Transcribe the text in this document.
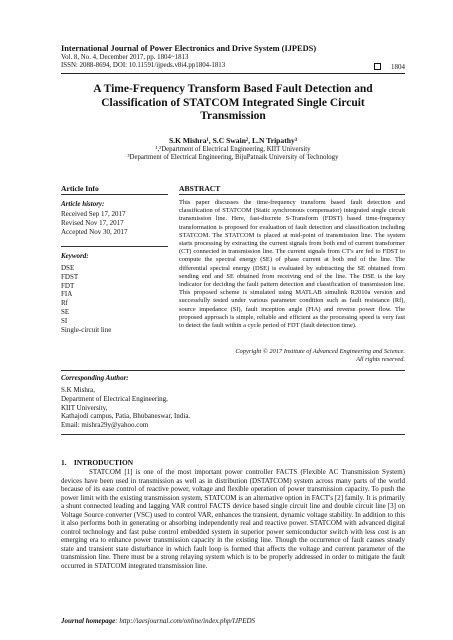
International Journal of Power Electronics and Drive System (IJPEDS)
Vol. 8, No. 4, December 2017, pp. 1804~1813
ISSN: 2088-8694, DOI: 10.11591/ijpeds.v8i4.pp1804-1813	1804
A Time-Frequency Transform Based Fault Detection and
Classification of STATCOM Integrated Single Circuit
Transmission
S.K Mishra¹, S.C Swain², L.N Tripathy³
¹,²Department of Electrical Engineering, KIIT University
³Department of Electrical Engineering, BijuPatnaik University of Technology
Article Info
Article history:
Received Sep 17, 2017
Revised Nov 17, 2017
Accepted Nov 30, 2017
Keyword:
DSE
FDST
FDT
FIA
Rf
SE
SI
Single-circuit line
ABSTRACT
This paper discusses the time-frequency transform based fault detection and classification of STATCOM (Static synchronous compensator) integrated single circuit transmission line. Here, fast-discrete S-Transform (FDST) based time-frequency transformation is proposed for evaluation of fault detection and classification including STATCOM. The STATCOM is placed at mid-point of transmission line. The system starts processing by extracting the current signals from both end of current transformer (CT) connected in transmission line. The current signals from CT's are fed to FDST to compute the spectral energy (SE) of phase current at both end of the line. The differential spectral energy (DSE) is evaluated by subtracting the SE obtained from sending end and SE obtained from receiving end of the line. The DSE is the key indicator for deciding the fault pattern detection and classification of transmission line. This proposed scheme is simulated using MATLAB simulink R2010a version and successfully tested under various parameter condition such as fault resistance (Rf), source impedance (SI), fault inception angle (FIA) and reverse power flow. The proposed approach is simple, reliable and efficient as the processing speed is very fast to detect the fault within a cycle period of FDT (fault detection time).
Copyright © 2017 Institute of Advanced Engineering and Science.
All rights reserved.
Corresponding Author:
S.K Mishra,
Department of Electrical Engineering,
KIIT University,
Kathajodi campus, Patia, Bhubaneswar, India.
Email: mishra29y@yahoo.com
1.    INTRODUCTION
STATCOM [1] is one of the most important power controller FACTS (Flexible AC Transmission System) devices have been used in transmission as well as in distribution (DSTATCOM) system across many parts of the world because of its ease control of reactive power, voltage and flexible operation of power transmission capacity. To push the power limit with the existing transmission system, STATCOM is an alternative option in FACT's [2] family. It is primarily a shunt connected leading and lagging VAR control FACTS device based single circuit line and double circuit line [3] on Voltage Source converter (VSC) used to control VAR, enhances the transient, dynamic voltage stability. In addition to this it also performs both in generating or absorbing independently real and reactive power. STATCOM with advanced digital control technology and fast pulse control embedded system in superior power semiconductor switch with less cost is an emerging era to enhance power transmission capacity in the existing line. Though the occurrence of fault causes steady state and transient state disturbance in which fault loop is formed that affects the voltage and current parameter of the transmission line. There must be a strong relaying system which is to be properly addressed in order to mitigate the fault occurred in STATCOM integrated transmission line.
Journal homepage: http://iaesjournal.com/online/index.php/IJPEDS
